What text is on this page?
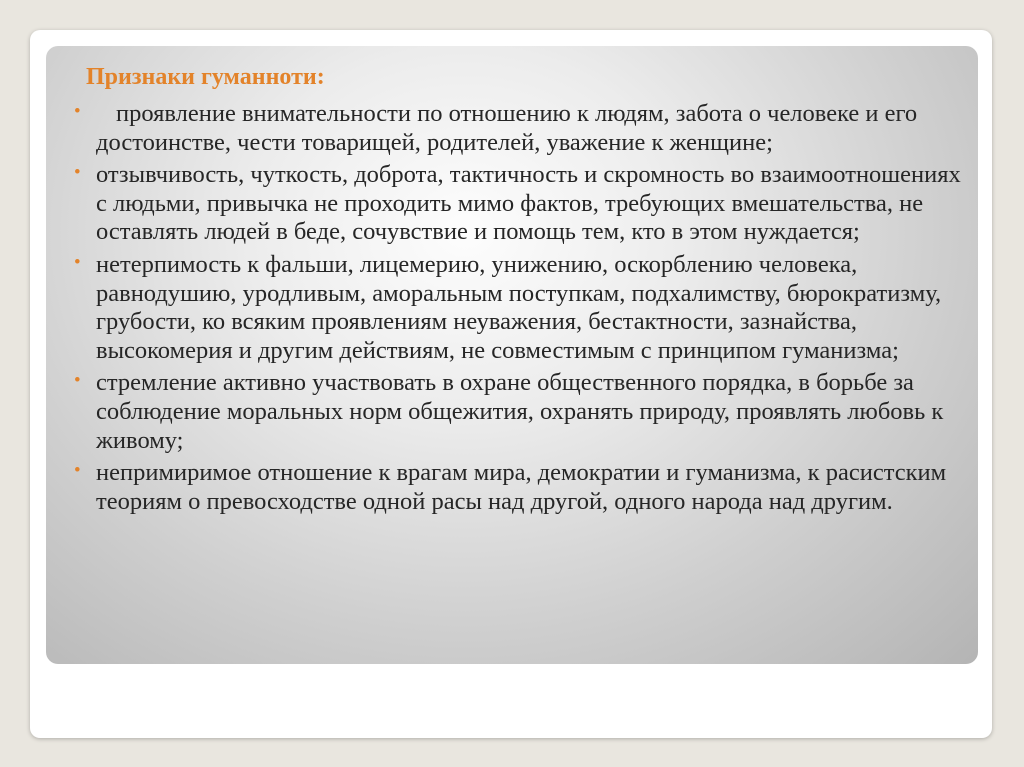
Признаки гуманноти:
•	проявление внимательности по отношению к людям, забота о человеке и его достоинстве, чести товарищей, родителей, уважение к женщине;
• отзывчивость, чуткость, доброта, тактичность и скромность во взаимоотношениях с людьми, привычка не проходить мимо фактов, требующих вмешательства, не оставлять людей в беде, сочувствие и помощь тем, кто в этом нуждается;
• нетерпимость к фальши, лицемерию, унижению, оскорблению человека, равнодушию, уродливым, аморальным поступкам, подхалимству, бюрократизму, грубости, ко всяким проявлениям неуважения, бестактности, зазнайства, высокомерия и другим действиям, не совместимым с принципом гуманизма;
• стремление активно участвовать в охране общественного порядка, в борьбе за соблюдение моральных норм общежития, охранять природу, проявлять любовь к живому;
• непримиримое отношение к врагам мира, демократии и гуманизма, к расистским теориям о превосходстве одной расы над другой, одного народа над другим.
